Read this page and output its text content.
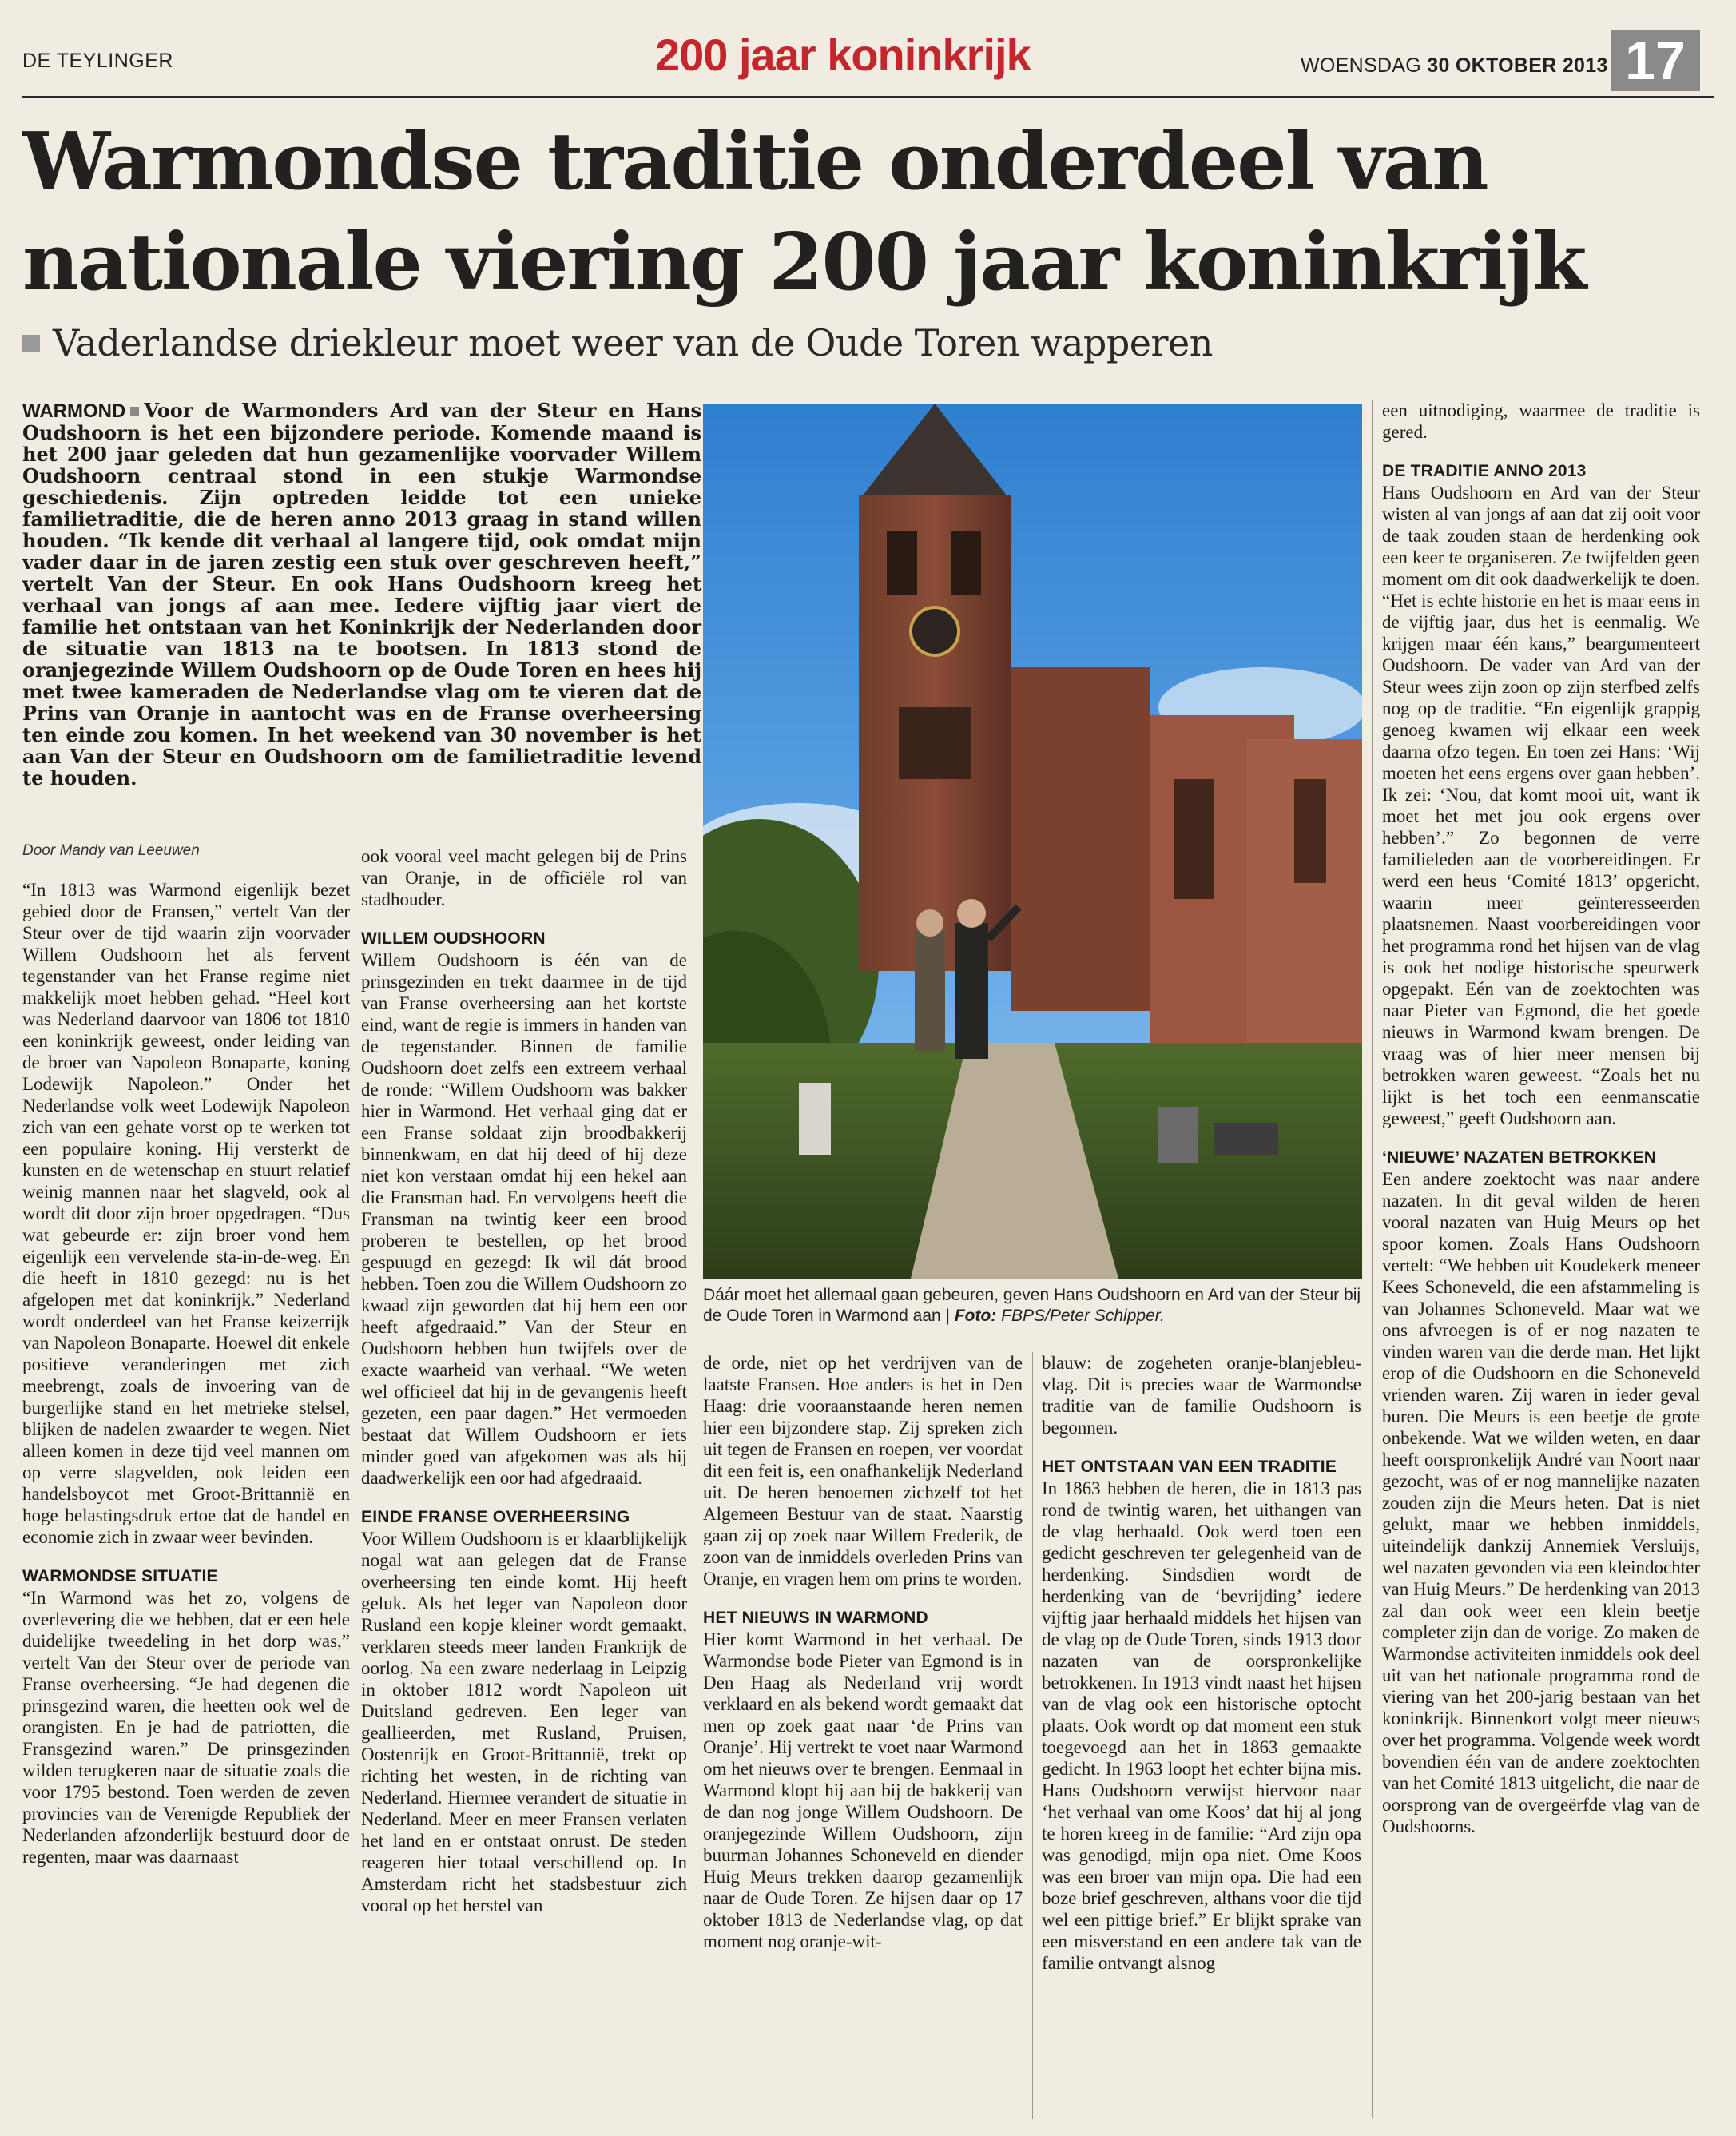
DE TEYLINGER	200 jaar koninkrijk	WOENSDAG 30 OKTOBER 2013 17
Warmondse traditie onderdeel van
nationale viering 200 jaar koninkrijk
Vaderlandse driekleur moet weer van de Oude Toren wapperen
WARMOND Voor de Warmonders Ard van der Steur en Hans Oudshoorn is het een bijzondere periode. Komende maand is het 200 jaar geleden dat hun gezamenlijke voorvader Willem Oudshoorn centraal stond in een stukje Warmondse geschiedenis. Zijn optreden leidde tot een unieke familietraditie, die de heren anno 2013 graag in stand willen houden. “Ik kende dit verhaal al langere tijd, ook omdat mijn vader daar in de jaren zestig een stuk over geschreven heeft,” vertelt Van der Steur. En ook Hans Oudshoorn kreeg het verhaal van jongs af aan mee. Iedere vijftig jaar viert de familie het ontstaan van het Koninkrijk der Nederlanden door de situatie van 1813 na te bootsen. In 1813 stond de oranjegezinde Willem Oudshoorn op de Oude Toren en hees hij met twee kameraden de Nederlandse vlag om te vieren dat de Prins van Oranje in aantocht was en de Franse overheersing ten einde zou komen. In het weekend van 30 november is het aan Van der Steur en Oudshoorn om de familietraditie levend te houden.
Door Mandy van Leeuwen

“In 1813 was Warmond eigenlijk bezet gebied door de Fransen,” vertelt Van der Steur over de tijd waarin zijn voorvader Willem Oudshoorn het als fervent tegenstander van het Franse regime niet makkelijk moet hebben gehad. “Heel kort was Nederland daarvoor van 1806 tot 1810 een koninkrijk geweest, onder leiding van de broer van Napoleon Bonaparte, koning Lodewijk Napoleon.” Onder het Nederlandse volk weet Lodewijk Napoleon zich van een gehate vorst op te werken tot een populaire koning. Hij versterkt de kunsten en de wetenschap en stuurt relatief weinig mannen naar het slagveld, ook al wordt dit door zijn broer opgedragen. “Dus wat gebeurde er: zijn broer vond hem eigenlijk een vervelende sta-in-de-weg. En die heeft in 1810 gezegd: nu is het afgelopen met dat koninkrijk.” Nederland wordt onderdeel van het Franse keizerrijk van Napoleon Bonaparte. Hoewel dit enkele positieve veranderingen met zich meebrengt, zoals de invoering van de burgerlijke stand en het metrieke stelsel, blijken de nadelen zwaarder te wegen. Niet alleen komen in deze tijd veel mannen om op verre slagvelden, ook leiden een handelsboycot met Groot-Brittannië en hoge belastingsdruk ertoe dat de handel en economie zich in zwaar weer bevinden.

WARMONDSE SITUATIE

“In Warmond was het zo, volgens de overlevering die we hebben, dat er een hele duidelijke tweedeling in het dorp was,” vertelt Van der Steur over de periode van Franse overheersing. “Je had degenen die prinsgezind waren, die heetten ook wel de orangisten. En je had de patriotten, die Fransgezind waren.” De prinsgezinden wilden terugkeren naar de situatie zoals die voor 1795 bestond. Toen werden de zeven provincies van de Verenigde Republiek der Nederlanden afzonderlijk bestuurd door de regenten, maar was daarnaast

ook vooral veel macht gelegen bij de Prins van Oranje, in de officiële rol van stadhouder.

WILLEM OUDSHOORN

Willem Oudshoorn is één van de prinsgezinden en trekt daarmee in de tijd van Franse overheersing aan het kortste eind, want de regie is immers in handen van de tegenstander. Binnen de familie Oudshoorn doet zelfs een extreem verhaal de ronde: “Willem Oudshoorn was bakker hier in Warmond. Het verhaal ging dat er een Franse soldaat zijn broodbakkerij binnenkwam, en dat hij deed of hij deze niet kon verstaan omdat hij een hekel aan die Fransman had. En vervolgens heeft die Fransman na twintig keer een brood proberen te bestellen, op het brood gespuugd en gezegd: Ik wil dát brood hebben. Toen zou die Willem Oudshoorn zo kwaad zijn geworden dat hij hem een oor heeft afgedraaid.” Van der Steur en Oudshoorn hebben hun twijfels over de exacte waarheid van verhaal. “We weten wel officieel dat hij in de gevangenis heeft gezeten, een paar dagen.” Het vermoeden bestaat dat Willem Oudshoorn er iets minder goed van afgekomen was als hij daadwerkelijk een oor had afgedraaid.

EINDE FRANSE OVERHEERSING

Voor Willem Oudshoorn is er klaarblijkelijk nogal wat aan gelegen dat de Franse overheersing ten einde komt. Hij heeft geluk. Als het leger van Napoleon door Rusland een kopje kleiner wordt gemaakt, verklaren steeds meer landen Frankrijk de oorlog. Na een zware nederlaag in Leipzig in oktober 1812 wordt Napoleon uit Duitsland gedreven. Een leger van geallieerden, met Rusland, Pruisen, Oostenrijk en Groot-Brittannië, trekt op richting het westen, in de richting van Nederland. Hiermee verandert de situatie in Nederland. Meer en meer Fransen verlaten het land en er ontstaat onrust. De steden reageren hier totaal verschillend op. In Amsterdam richt het stadsbestuur zich vooral op het herstel van

Dáár moet het allemaal gaan gebeuren, geven Hans Oudshoorn en Ard van der Steur bij de Oude Toren in Warmond aan | Foto: FBPS/Peter Schipper.

de orde, niet op het verdrijven van de laatste Fransen. Hoe anders is het in Den Haag: drie vooraanstaande heren nemen hier een bijzondere stap. Zij spreken zich uit tegen de Fransen en roepen, ver voordat dit een feit is, een onafhankelijk Nederland uit. De heren benoemen zichzelf tot het Algemeen Bestuur van de staat. Naarstig gaan zij op zoek naar Willem Frederik, de zoon van de inmiddels overleden Prins van Oranje, en vragen hem om prins te worden.

HET NIEUWS IN WARMOND

Hier komt Warmond in het verhaal. De Warmondse bode Pieter van Egmond is in Den Haag als Nederland vrij wordt verklaard en als bekend wordt gemaakt dat men op zoek gaat naar ‘de Prins van Oranje’. Hij vertrekt te voet naar Warmond om het nieuws over te brengen. Eenmaal in Warmond klopt hij aan bij de bakkerij van de dan nog jonge Willem Oudshoorn. De oranjegezinde Willem Oudshoorn, zijn buurman Johannes Schoneveld en diender Huig Meurs trekken daarop gezamenlijk naar de Oude Toren. Ze hijsen daar op 17 oktober 1813 de Nederlandse vlag, op dat moment nog oranje-wit-

blauw: de zogeheten oranje-blanjebleu-vlag. Dit is precies waar de Warmondse traditie van de familie Oudshoorn is begonnen.

HET ONTSTAAN VAN EEN TRADITIE

In 1863 hebben de heren, die in 1813 pas rond de twintig waren, het uithangen van de vlag herhaald. Ook werd toen een gedicht geschreven ter gelegenheid van de herdenking. Sindsdien wordt de herdenking van de ‘bevrijding’ iedere vijftig jaar herhaald middels het hijsen van de vlag op de Oude Toren, sinds 1913 door nazaten van de oorspronkelijke betrokkenen. In 1913 vindt naast het hijsen van de vlag ook een historische optocht plaats. Ook wordt op dat moment een stuk toegevoegd aan het in 1863 gemaakte gedicht. In 1963 loopt het echter bijna mis. Hans Oudshoorn verwijst hiervoor naar ‘het verhaal van ome Koos’ dat hij al jong te horen kreeg in de familie: “Ard zijn opa was genodigd, mijn opa niet. Ome Koos was een broer van mijn opa. Die had een boze brief geschreven, althans voor die tijd wel een pittige brief.” Er blijkt sprake van een misverstand en een andere tak van de familie ontvangt alsnog

een uitnodiging, waarmee de traditie is gered.

DE TRADITIE ANNO 2013

Hans Oudshoorn en Ard van der Steur wisten al van jongs af aan dat zij ooit voor de taak zouden staan de herdenking ook een keer te organiseren. Ze twijfelden geen moment om dit ook daadwerkelijk te doen. “Het is echte historie en het is maar eens in de vijftig jaar, dus het is eenmalig. We krijgen maar één kans,” beargumenteert Oudshoorn. De vader van Ard van der Steur wees zijn zoon op zijn sterfbed zelfs nog op de traditie. “En eigenlijk grappig genoeg kwamen wij elkaar een week daarna ofzo tegen. En toen zei Hans: ‘Wij moeten het eens ergens over gaan hebben’. Ik zei: ‘Nou, dat komt mooi uit, want ik moet het met jou ook ergens over hebben’.” Zo begonnen de verre familieleden aan de voorbereidingen. Er werd een heus ‘Comité 1813’ opgericht, waarin meer geïnteresseerden plaatsnemen. Naast voorbereidingen voor het programma rond het hijsen van de vlag is ook het nodige historische speurwerk opgepakt. Eén van de zoektochten was naar Pieter van Egmond, die het goede nieuws in Warmond kwam brengen. De vraag was of hier meer mensen bij betrokken waren geweest. “Zoals het nu lijkt is het toch een eenmanscatie geweest,” geeft Oudshoorn aan.

‘NIEUWE’ NAZATEN BETROKKEN

Een andere zoektocht was naar andere nazaten. In dit geval wilden de heren vooral nazaten van Huig Meurs op het spoor komen. Zoals Hans Oudshoorn vertelt: “We hebben uit Koudekerk meneer Kees Schoneveld, die een afstammeling is van Johannes Schoneveld. Maar wat we ons afvroegen is of er nog nazaten te vinden waren van die derde man. Het lijkt erop of die Oudshoorn en die Schoneveld vrienden waren. Zij waren in ieder geval buren. Die Meurs is een beetje de grote onbekende. Wat we wilden weten, en daar heeft oorspronkelijk André van Noort naar gezocht, was of er nog mannelijke nazaten zouden zijn die Meurs heten. Dat is niet gelukt, maar we hebben inmiddels, uiteindelijk dankzij Annemiek Versluijs, wel nazaten gevonden via een kleindochter van Huig Meurs.” De herdenking van 2013 zal dan ook weer een klein beetje completer zijn dan de vorige. Zo maken de Warmondse activiteiten inmiddels ook deel uit van het nationale programma rond de viering van het 200-jarig bestaan van het koninkrijk. Binnenkort volgt meer nieuws over het programma. Volgende week wordt bovendien één van de andere zoektochten van het Comité 1813 uitgelicht, die naar de oorsprong van de overgeërfde vlag van de Oudshoorns.
